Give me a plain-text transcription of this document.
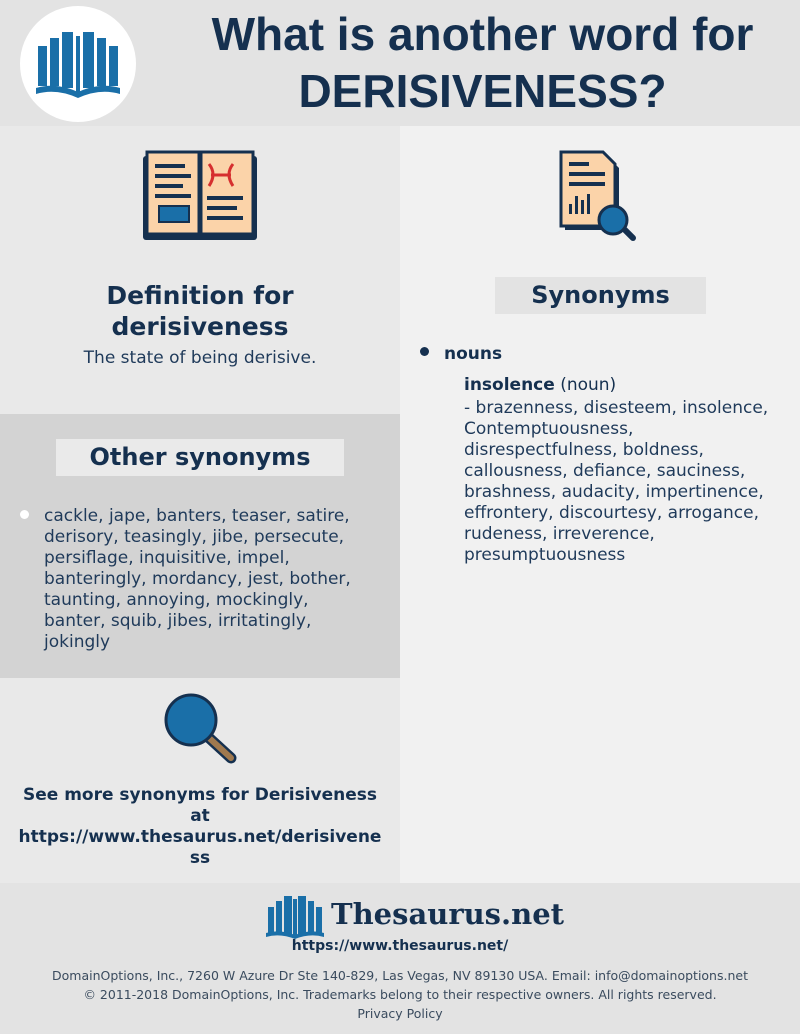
What is another word for
DERISIVENESS?
Definition for
derisiveness
The state of being derisive.
Other synonyms
cackle, jape, banters, teaser, satire,
derisory, teasingly, jibe, persecute,
persiflage, inquisitive, impel,
banteringly, mordancy, jest, bother,
taunting, annoying, mockingly,
banter, squib, jibes, irritatingly,
jokingly
See more synonyms for Derisiveness
at
https://www.thesaurus.net/derisiveness
Synonyms
nouns
insolence (noun)
- brazenness, disesteem, insolence,
Contemptuousness,
disrespectfulness, boldness,
callousness, defiance, sauciness,
brashness, audacity, impertinence,
effrontery, discourtesy, arrogance,
rudeness, irreverence,
presumptuousness
Thesaurus.net
https://www.thesaurus.net/
DomainOptions, Inc., 7260 W Azure Dr Ste 140-829, Las Vegas, NV 89130 USA. Email: info@domainoptions.net
© 2011-2018 DomainOptions, Inc. Trademarks belong to their respective owners. All rights reserved.
Privacy Policy
